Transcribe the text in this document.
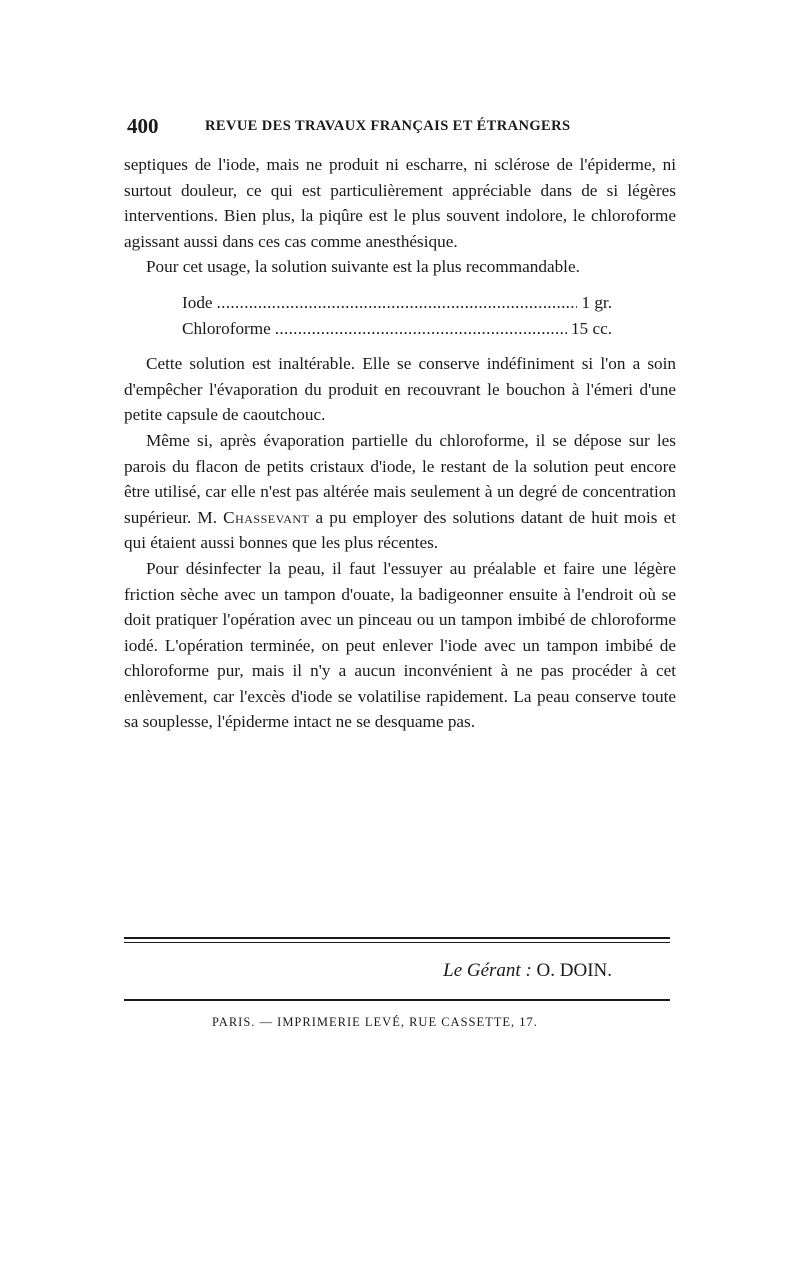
400	REVUE DES TRAVAUX FRANÇAIS ET ÉTRANGERS

septiques de l'iode, mais ne produit ni escharre, ni sclérose de l'épiderme, ni surtout douleur, ce qui est particulièrement appréciable dans de si légères interventions. Bien plus, la piqûre est le plus souvent indolore, le chloroforme agissant aussi dans ces cas comme anesthésique.

Pour cet usage, la solution suivante est la plus recommandable.

Iode . . .	1 gr.
Chloroforme . . .	15 cc.

Cette solution est inaltérable. Elle se conserve indéfiniment si l'on a soin d'empêcher l'évaporation du produit en recouvrant le bouchon à l'émeri d'une petite capsule de caoutchouc.

Même si, après évaporation partielle du chloroforme, il se dépose sur les parois du flacon de petits cristaux d'iode, le restant de la solution peut encore être utilisé, car elle n'est pas altérée mais seulement à un degré de concentration supérieur. M. Chassevant a pu employer des solutions datant de huit mois et qui étaient aussi bonnes que les plus récentes.

Pour désinfecter la peau, il faut l'essuyer au préalable et faire une légère friction sèche avec un tampon d'ouate, la badigeonner ensuite à l'endroit où se doit pratiquer l'opération avec un pinceau ou un tampon imbibé de chloroforme iodé. L'opération terminée, on peut enlever l'iode avec un tampon imbibé de chloroforme pur, mais il n'y a aucun inconvénient à ne pas procéder à cet enlèvement, car l'excès d'iode se volatilise rapidement. La peau conserve toute sa souplesse, l'épiderme intact ne se desquame pas.

Le Gérant : O. DOIN.
PARIS. — IMPRIMERIE LEVÉ, RUE CASSETTE, 17.
